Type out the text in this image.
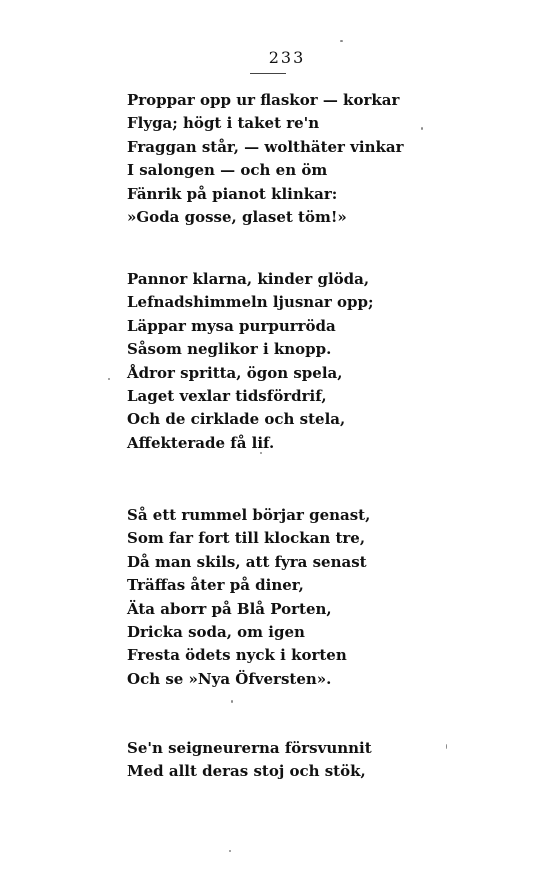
233
Proppar opp ur flaskor — korkar
Flyga; högt i taket re'n
Fraggan står, — wolthäter vinkar
I salongen — och en öm
Fänrik på pianot klinkar:
»Goda gosse, glaset töm!»
Pannor klarna, kinder glöda,
Lefnadshimmeln ljusnar opp;
Läppar mysa purpurröda
Såsom neglikor i knopp.
Ådror spritta, ögon spela,
Laget vexlar tidsfördrif,
Och de cirklade och stela,
Affekterade få lif.
Så ett rummel börjar genast,
Som far fort till klockan tre,
Då man skils, att fyra senast
Träffas åter på diner,
Äta aborr på Blå Porten,
Dricka soda, om igen
Fresta ödets nyck i korten
Och se »Nya Öfversten».
Se'n seigneurerna försvunnit
Med allt deras stoj och stök,
